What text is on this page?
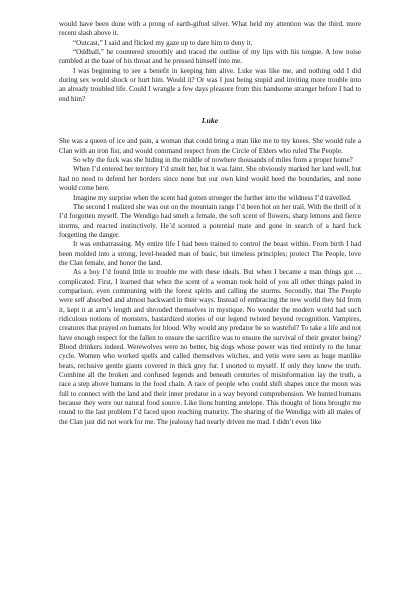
would have been done with a prong of earth-gifted silver. What held my attention was the third, more recent slash above it.

“Outcast,” I said and flicked my gaze up to dare him to deny it.

“Oddball,” he countered smoothly and traced the outline of my lips with his tongue. A low noise rumbled at the base of his throat and he pressed himself into me.

I was beginning to see a benefit in keeping him alive. Luke was like me, and nothing odd I did during sex would shock or hurt him. Would it? Or was I just being stupid and inviting more trouble into an already troubled life. Could I wrangle a few days pleasure from this handsome stranger before I had to end him?

Luke

She was a queen of ice and pain, a woman that could bring a man like me to my knees. She would rule a Clan with an iron fist, and would command respect from the Circle of Elders who ruled The People.

So why the fuck was she hiding in the middle of nowhere thousands of miles from a proper home?

When I’d entered her territory I’d smelt her, but it was faint. She obviously marked her land well, but had no need to defend her borders since none but our own kind would heed the boundaries, and none would come here.

Imagine my surprise when the scent had gotten stronger the further into the wildness I’d travelled.

The second I realized she was out on the mountain range I’d been hot on her trail. With the thrill of it I’d forgotten myself. The Wendigo had smelt a female, the soft scent of flowers, sharp lemons and fierce storms, and reacted instinctively. He’d scented a potential mate and gone in search of a hard fuck forgetting the danger.

It was embarrassing. My entire life I had been trained to control the beast within. From birth I had been molded into a strong, level-headed man of basic, but timeless principles; protect The People, love the Clan female, and honor the land.

As a boy I’d found little to trouble me with these ideals. But when I became a man things got ... complicated. First, I learned that when the scent of a woman took hold of you all other things paled in comparison, even communing with the forest spirits and calling the storms. Secondly, that The People were self absorbed and almost backward in their ways. Instead of embracing the new world they hid from it, kept it at arm’s length and shrouded themselves in mystique. No wonder the modern world had such ridiculous notions of monsters, bastardized stories of our legend twisted beyond recognition. Vampires, creatures that prayed on humans for blood. Why would any predator be so wasteful? To take a life and not have enough respect for the fallen to ensure the sacrifice was to ensure the survival of their greater being? Blood drinkers indeed. Werewolves were no better, big dogs whose power was tied entirely to the lunar cycle. Women who worked spells and called themselves witches, and yetis were seen as huge manlike beats, reclusive gentle giants covered in thick grey fur. I snorted to myself. If only they knew the truth. Combine all the broken and confused legends and beneath centuries of misinformation lay the truth, a race a step above humans in the food chain. A race of people who could shift shapes once the moon was full to connect with the land and their inner predator in a way beyond comprehension. We hunted humans because they were our natural food source. Like lions hunting antelope. This thought of lions brought me round to the last problem I’d faced upon reaching maturity. The sharing of the Wendiga with all males of the Clan just did not work for me. The jealousy had nearly driven me mad. I didn’t even like
